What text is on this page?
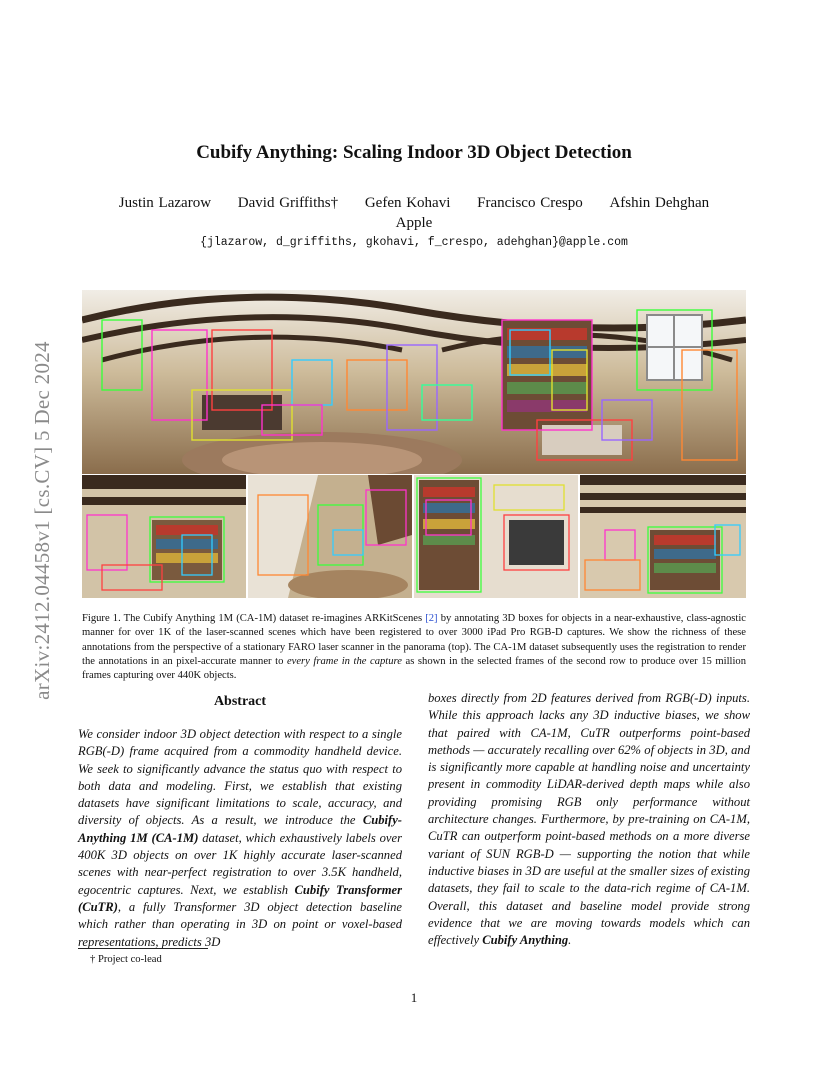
arXiv:2412.04458v1 [cs.CV] 5 Dec 2024
Cubify Anything: Scaling Indoor 3D Object Detection
Justin Lazarow David Griffiths† Gefen Kohavi Francisco Crespo Afshin Dehghan
Apple
{jlazarow, d_griffiths, gkohavi, f_crespo, adehghan}@apple.com
Figure 1. The Cubify Anything 1M (CA-1M) dataset re-imagines ARKitScenes [2] by annotating 3D boxes for objects in a near-exhaustive, class-agnostic manner for over 1K of the laser-scanned scenes which have been registered to over 3000 iPad Pro RGB-D captures. We show the richness of these annotations from the perspective of a stationary FARO laser scanner in the panorama (top). The CA-1M dataset subsequently uses the registration to render the annotations in an pixel-accurate manner to every frame in the capture as shown in the selected frames of the second row to produce over 15 million frames capturing over 440K objects.
Abstract
We consider indoor 3D object detection with respect to a single RGB(-D) frame acquired from a commodity handheld device. We seek to significantly advance the status quo with respect to both data and modeling. First, we establish that existing datasets have significant limitations to scale, accuracy, and diversity of objects. As a result, we introduce the Cubify-Anything 1M (CA-1M) dataset, which exhaustively labels over 400K 3D objects on over 1K highly accurate laser-scanned scenes with near-perfect registration to over 3.5K handheld, egocentric captures. Next, we establish Cubify Transformer (CuTR), a fully Transformer 3D object detection baseline which rather than operating in 3D on point or voxel-based representations, predicts 3D
boxes directly from 2D features derived from RGB(-D) inputs. While this approach lacks any 3D inductive biases, we show that paired with CA-1M, CuTR outperforms point-based methods — accurately recalling over 62% of objects in 3D, and is significantly more capable at handling noise and uncertainty present in commodity LiDAR-derived depth maps while also providing promising RGB only performance without architecture changes. Furthermore, by pre-training on CA-1M, CuTR can outperform point-based methods on a more diverse variant of SUN RGB-D — supporting the notion that while inductive biases in 3D are useful at the smaller sizes of existing datasets, they fail to scale to the data-rich regime of CA-1M. Overall, this dataset and baseline model provide strong evidence that we are moving towards models which can effectively Cubify Anything.
† Project co-lead
1
